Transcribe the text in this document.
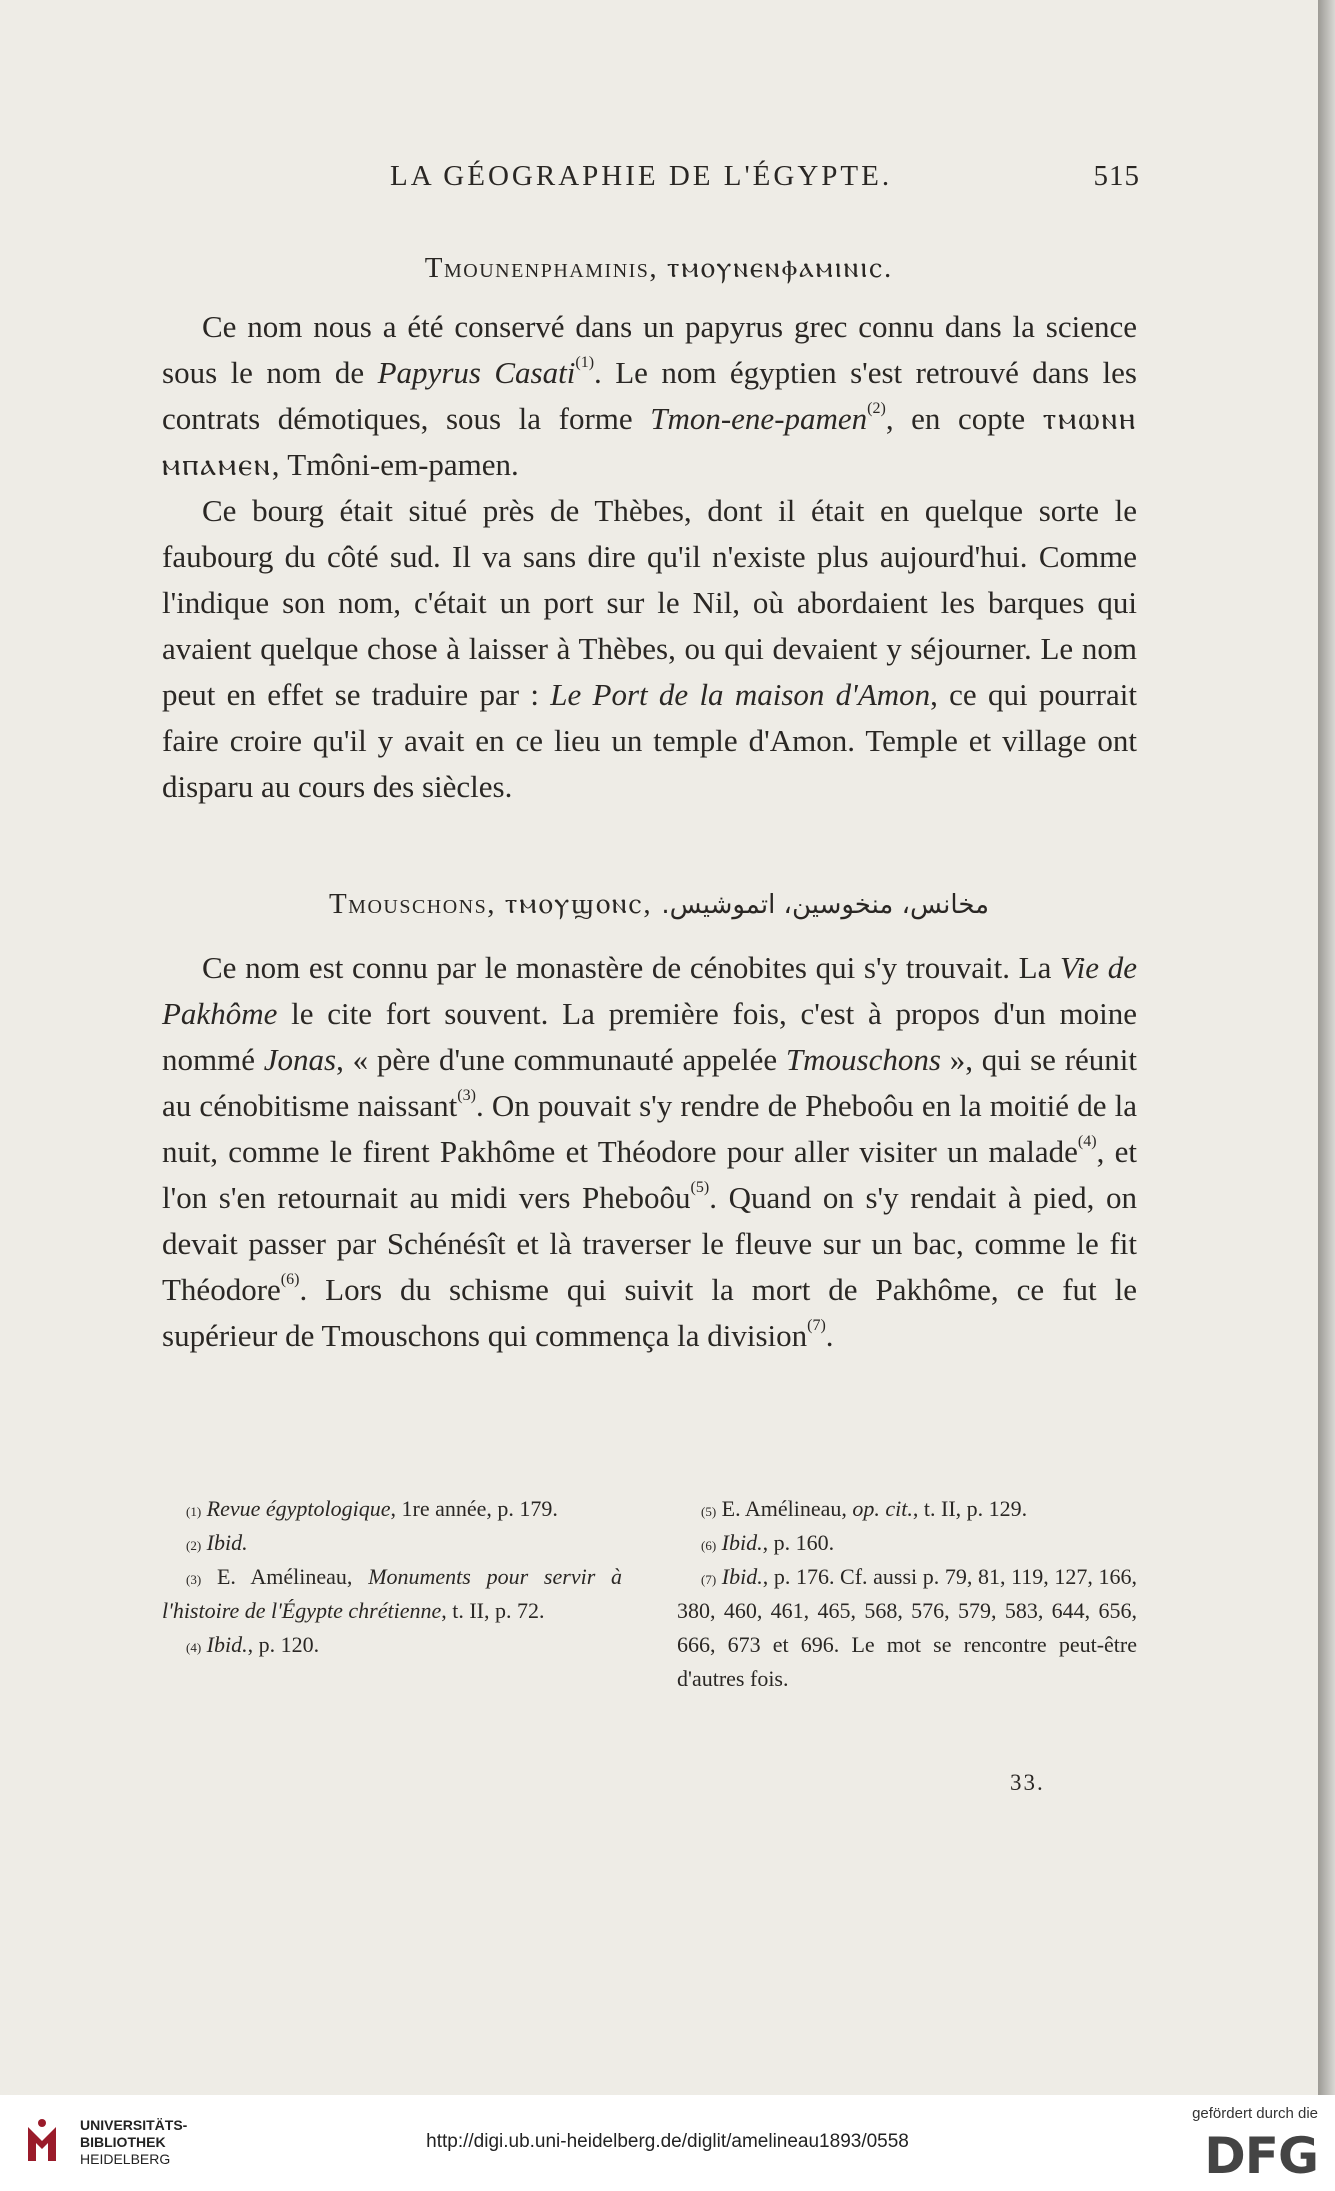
LA GÉOGRAPHIE DE L'ÉGYPTE.	515
Tmounenphaminis, ⲧⲙⲟⲩⲛⲉⲛⲫⲁⲙⲓⲛⲓⲥ.

Ce nom nous a été conservé dans un papyrus grec connu dans la science sous le nom de Papyrus Casati$^{(1)}$. Le nom égyptien s'est retrouvé dans les contrats démotiques, sous la forme Tmon-ene-pamen$^{(2)}$, en copte ⲧⲙⲱⲛⲏ ⲙⲡⲁⲙⲉⲛ, Tmôni-em-pamen.

Ce bourg était situé près de Thèbes, dont il était en quelque sorte le faubourg du côté sud. Il va sans dire qu'il n'existe plus aujourd'hui. Comme l'indique son nom, c'était un port sur le Nil, où abordaient les barques qui avaient quelque chose à laisser à Thèbes, ou qui devaient y séjourner. Le nom peut en effet se traduire par : Le Port de la maison d'Amon, ce qui pourrait faire croire qu'il y avait en ce lieu un temple d'Amon. Temple et village ont disparu au cours des siècles.

Tmouschons, ⲧⲙⲟⲩϣⲟⲛⲥ, مخانس، منخوسين، اتموشيس.

Ce nom est connu par le monastère de cénobites qui s'y trouvait. La Vie de Pakhôme le cite fort souvent. La première fois, c'est à propos d'un moine nommé Jonas, « père d'une communauté appelée Tmouschons », qui se réunit au cénobitisme naissant$^{(3)}$. On pouvait s'y rendre de Pheboôu en la moitié de la nuit, comme le firent Pakhôme et Théodore pour aller visiter un malade$^{(4)}$, et l'on s'en retournait au midi vers Pheboôu$^{(5)}$. Quand on s'y rendait à pied, on devait passer par Schénésît et là traverser le fleuve sur un bac, comme le fit Théodore$^{(6)}$. Lors du schisme qui suivit la mort de Pakhôme, ce fut le supérieur de Tmouschons qui commença la division$^{(7)}$.

$^{(1)}$ Revue égyptologique, 1re année, p. 179.

$^{(2)}$ Ibid.

$^{(3)}$ E. Amélineau, Monuments pour servir à l'histoire de l'Égypte chrétienne, t. II, p. 72.

$^{(4)}$ Ibid., p. 120.

$^{(5)}$ E. Amélineau, op. cit., t. II, p. 129.

$^{(6)}$ Ibid., p. 160.

$^{(7)}$ Ibid., p. 176. Cf. aussi p. 79, 81, 119, 127, 166, 380, 460, 461, 465, 568, 576, 579, 583, 644, 656, 666, 673 et 696. Le mot se rencontre peut-être d'autres fois.

33.
UNIVERSITÄTS-
BIBLIOTHEK
HEIDELBERG
http://digi.ub.uni-heidelberg.de/diglit/amelineau1893/0558
gefördert durch die
DFG
